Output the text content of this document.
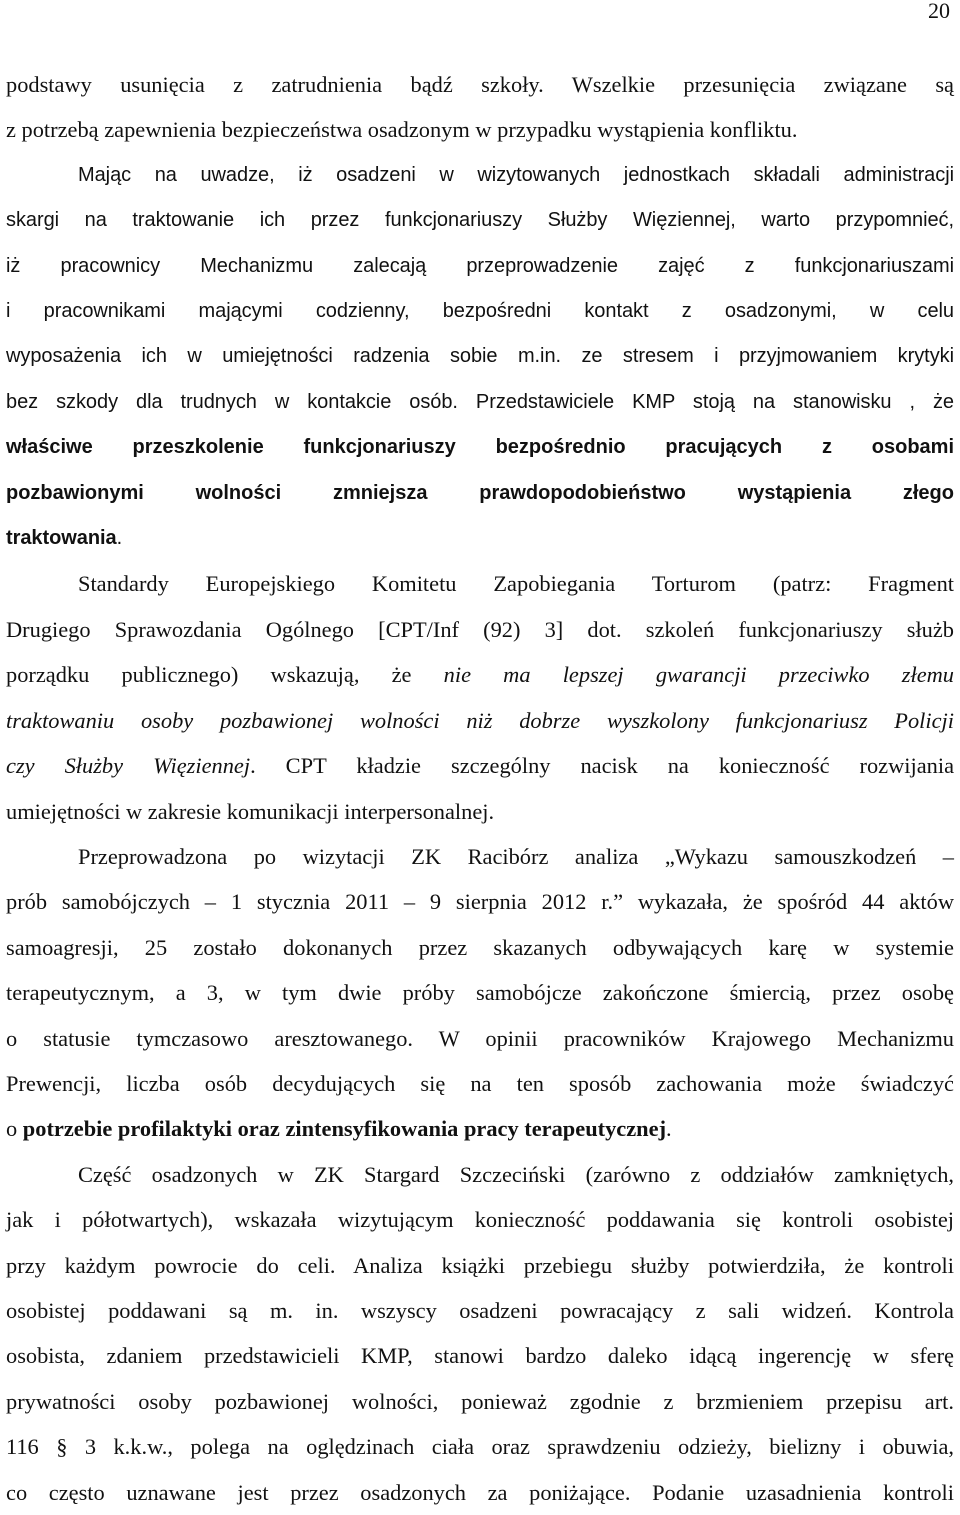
20

podstawy usunięcia z zatrudnienia bądź szkoły. Wszelkie przesunięcia związane są

z potrzebą zapewnienia bezpieczeństwa osadzonym w przypadku wystąpienia konfliktu.

Mając na uwadze, iż osadzeni w wizytowanych jednostkach składali administracji

skargi na traktowanie ich przez funkcjonariuszy Służby Więziennej, warto przypomnieć,

iż pracownicy Mechanizmu zalecają przeprowadzenie zajęć z funkcjonariuszami

i pracownikami mającymi codzienny, bezpośredni kontakt z osadzonymi, w celu

wyposażenia ich w umiejętności radzenia sobie m.in. ze stresem i przyjmowaniem krytyki

bez szkody dla trudnych w kontakcie osób. Przedstawiciele KMP stoją na stanowisku , że

właściwe przeszkolenie funkcjonariuszy bezpośrednio pracujących z osobami

pozbawionymi wolności zmniejsza prawdopodobieństwo wystąpienia złego

traktowania.

Standardy Europejskiego Komitetu Zapobiegania Torturom (patrz: Fragment

Drugiego Sprawozdania Ogólnego [CPT/Inf (92) 3] dot. szkoleń funkcjonariuszy służb

porządku publicznego) wskazują, że nie ma lepszej gwarancji przeciwko złemu

traktowaniu osoby pozbawionej wolności niż dobrze wyszkolony funkcjonariusz Policji

czy Służby Więziennej. CPT kładzie szczególny nacisk na konieczność rozwijania

umiejętności w zakresie komunikacji interpersonalnej.

Przeprowadzona po wizytacji ZK Racibórz analiza „Wykazu samouszkodzeń –

prób samobójczych – 1 stycznia 2011 – 9 sierpnia 2012 r.” wykazała, że spośród 44 aktów

samoagresji, 25 zostało dokonanych przez skazanych odbywających karę w systemie

terapeutycznym, a 3, w tym dwie próby samobójcze zakończone śmiercią, przez osobę

o statusie tymczasowo aresztowanego. W opinii pracowników Krajowego Mechanizmu

Prewencji, liczba osób decydujących się na ten sposób zachowania może świadczyć

o potrzebie profilaktyki oraz zintensyfikowania pracy terapeutycznej.

Część osadzonych w ZK Stargard Szczeciński (zarówno z oddziałów zamkniętych,

jak i półotwartych), wskazała wizytującym konieczność poddawania się kontroli osobistej

przy każdym powrocie do celi. Analiza książki przebiegu służby potwierdziła, że kontroli

osobistej poddawani są m. in. wszyscy osadzeni powracający z sali widzeń. Kontrola

osobista, zdaniem przedstawicieli KMP, stanowi bardzo daleko idącą ingerencję w sferę

prywatności osoby pozbawionej wolności, ponieważ zgodnie z brzmieniem przepisu art.

116 § 3 k.k.w., polega na oględzinach ciała oraz sprawdzeniu odzieży, bielizny i obuwia,

co często uznawane jest przez osadzonych za poniżające. Podanie uzasadnienia kontroli
